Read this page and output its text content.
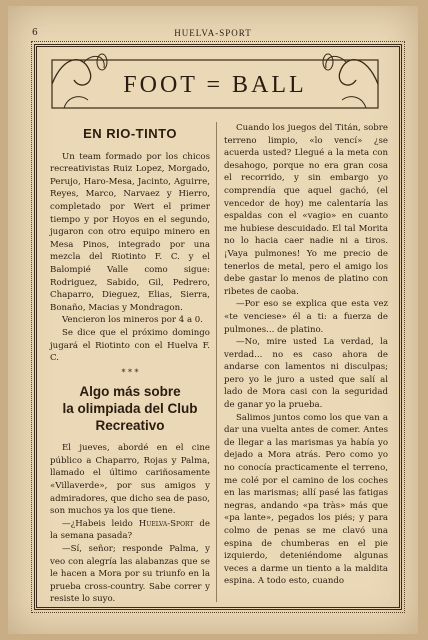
6	HUELVA-SPORT
FOOT = BALL
EN RIO-TINTO

Un team formado por los chicos recreativistas Ruiz Lopez, Morgado, Perujo, Haro-Mesa, Jacinto, Aguirre, Reyes, Marco, Narvaez y Hierro, completado por Wert el primer tiempo y por Hoyos en el segundo, jugaron con otro equipo minero en Mesa Pinos, integrado por una mezcla del Riotinto F. C. y el Balompié Valle como sigue: Rodriguez, Sabido, Gil, Pedrero, Chaparro, Dieguez, Elias, Sierra, Bonaño, Macias y Mondragon.

Vencieron los mineros por 4 a 0.

Se dice que el próximo domingo jugará el Riotinto con el Huelva F. C.

* * *
Algo más sobre
la olimpiada del Club Recreativo

El jueves, abordé en el cine público a Chaparro, Rojas y Palma, llamado el último cariñosamente «Villaverde», por sus amigos y admiradores, que dicho sea de paso, son muchos ya los que tiene.

—¿Habeis leido Huelva-Sport de la semana pasada?

—Sí, señor; responde Palma, y veo con alegría las alabanzas que se le hacen a Mora por su triunfo en la prueba cross-country. Sabe correr y resiste lo suyo.

Cuando los juegos del Titán, sobre terreno limpio, «lo vencí» ¿se acuerda usted? Llegué a la meta con desahogo, porque no era gran cosa el recorrido, y sin embargo yo comprendía que aquel gachó, (el vencedor de hoy) me calentaría las espaldas con el «vagio» en cuanto me hubiese descuidado. El tal Morita no lo hacia caer nadie ni a tiros. ¡Vaya pulmones! Yo me precio de tenerlos de metal, pero el amigo los debe gastar lo menos de platino con ribetes de caoba.

—Por eso se explica que esta vez «te venciese» él a ti: a fuerza de pulmones... de platino.

—No, mire usted La verdad, la verdad... no es caso ahora de andarse con lamentos ni disculpas; pero yo le juro a usted que salí al lado de Mora casi con la seguridad de ganar yo la prueba.

Salimos juntos como los que van a dar una vuelta antes de comer. Antes de llegar a las marismas ya había yo dejado a Mora atrás. Pero como yo no conocía practicamente el terreno, me colé por el camino de los coches en las marismas; allí pasé las fatigas negras, andando «pa tràs» más que «pa lante», pegados los piés; y para colmo de penas se me clavó una espina de chumberas en el pie izquierdo, deteniéndome algunas veces a darme un tiento a la maldita espina. A todo esto, cuando
